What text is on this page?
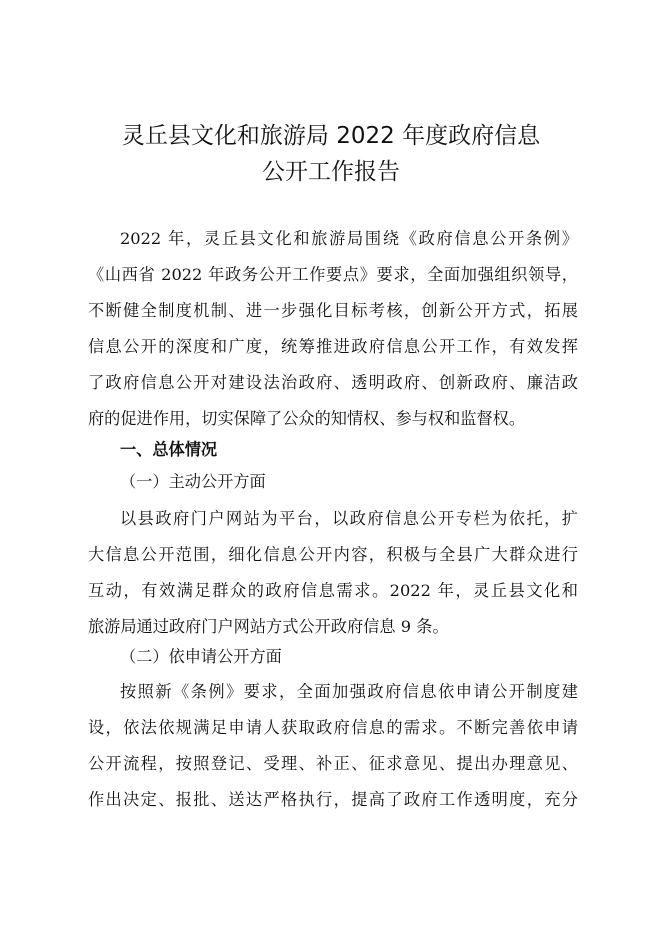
灵丘县文化和旅游局 2022 年度政府信息
公开工作报告
2022 年，灵丘县文化和旅游局围绕《政府信息公开条例》
《山西省 2022 年政务公开工作要点》要求，全面加强组织领导，
不断健全制度机制、进一步强化目标考核，创新公开方式，拓展
信息公开的深度和广度，统筹推进政府信息公开工作，有效发挥
了政府信息公开对建设法治政府、透明政府、创新政府、廉洁政
府的促进作用，切实保障了公众的知情权、参与权和监督权。
一、总体情况
（一）主动公开方面
以县政府门户网站为平台，以政府信息公开专栏为依托，扩
大信息公开范围，细化信息公开内容，积极与全县广大群众进行
互动，有效满足群众的政府信息需求。2022 年，灵丘县文化和
旅游局通过政府门户网站方式公开政府信息 9 条。
（二）依申请公开方面
按照新《条例》要求，全面加强政府信息依申请公开制度建
设，依法依规满足申请人获取政府信息的需求。不断完善依申请
公开流程，按照登记、受理、补正、征求意见、提出办理意见、
作出决定、报批、送达严格执行，提高了政府工作透明度，充分
